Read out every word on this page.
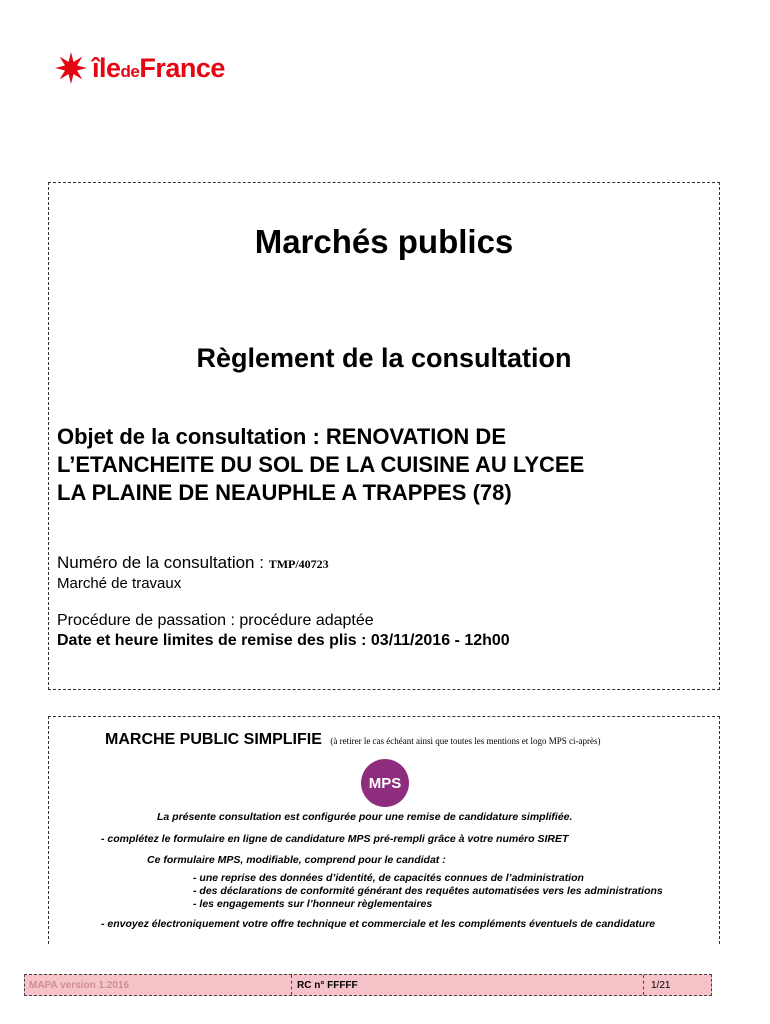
îledeFrance
Marchés publics
Règlement de la consultation
Objet de la consultation : RENOVATION DE
L’ETANCHEITE DU SOL DE LA CUISINE AU LYCEE
LA PLAINE DE NEAUPHLE A TRAPPES (78)
Numéro de la consultation : TMP/40723
Marché de travaux
Procédure de passation : procédure adaptée
Date et heure limites de remise des plis : 03/11/2016 - 12h00
MARCHE PUBLIC SIMPLIFIE (à retirer le cas échéant ainsi que toutes les mentions et logo MPS ci-après)
MPS
La présente consultation est configurée pour une remise de candidature simplifiée.
- complétez le formulaire en ligne de candidature MPS pré-rempli grâce à votre numéro SIRET
Ce formulaire MPS, modifiable, comprend pour le candidat :
- une reprise des données d’identité, de capacités connues de l’administration
- des déclarations de conformité générant des requêtes automatisées vers les administrations
- les engagements sur l’honneur règlementaires
- envoyez électroniquement votre offre technique et commerciale et les compléments éventuels de candidature
MAPA version 1.2016	RC n° FFFFF	1/21
